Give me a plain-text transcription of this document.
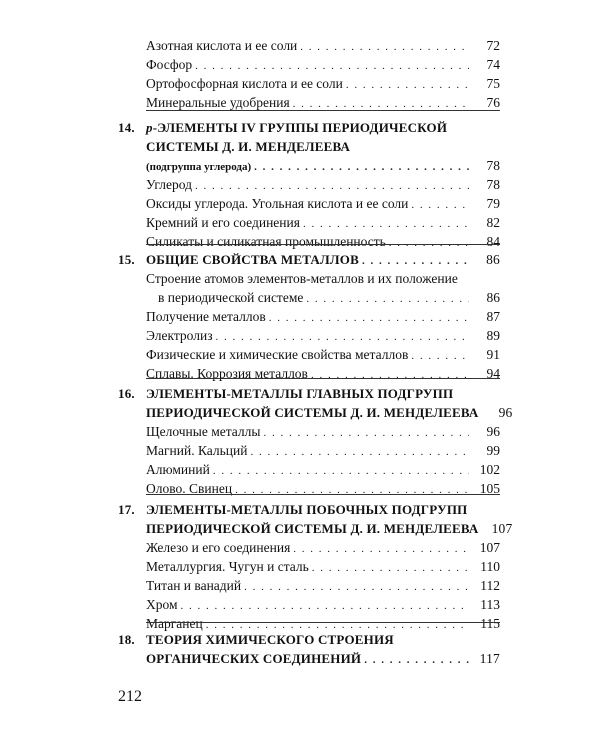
Азотная кислота и ее соли . . .	72
Фосфор . . .	74
Ортофосфорная кислота и ее соли . . .	75
Минеральные удобрения . . .	76
14. p-ЭЛЕМЕНТЫ IV ГРУППЫ ПЕРИОДИЧЕСКОЙ
СИСТЕМЫ Д. И. МЕНДЕЛЕЕВА
(подгруппа углерода) . . .	78
Углерод . . .	78
Оксиды углерода. Угольная кислота и ее соли . . .	79
Кремний и его соединения . . .	82
Силикаты и силикатная промышленность . . .	84
15. ОБЩИЕ СВОЙСТВА МЕТАЛЛОВ . . .	86
Строение атомов элементов-металлов и их положение
в периодической системе . . .	86
Получение металлов . . .	87
Электролиз . . .	89
Физические и химические свойства металлов . . .	91
Сплавы. Коррозия металлов . . .	94
16. ЭЛЕМЕНТЫ-МЕТАЛЛЫ ГЛАВНЫХ ПОДГРУПП
ПЕРИОДИЧЕСКОЙ СИСТЕМЫ Д. И. МЕНДЕЛЕЕВА	96
Щелочные металлы . . .	96
Магний. Кальций . . .	99
Алюминий . . .	102
Олово. Свинец . . .	105
17. ЭЛЕМЕНТЫ-МЕТАЛЛЫ ПОБОЧНЫХ ПОДГРУПП
ПЕРИОДИЧЕСКОЙ СИСТЕМЫ Д. И. МЕНДЕЛЕЕВА 107
Железо и его соединения . . .	107
Металлургия. Чугун и сталь . . .	110
Титан и ванадий . . .	112
Хром . . .	113
Марганец . . .	115
18. ТЕОРИЯ ХИМИЧЕСКОГО СТРОЕНИЯ
ОРГАНИЧЕСКИХ СОЕДИНЕНИЙ . . .	117
212
